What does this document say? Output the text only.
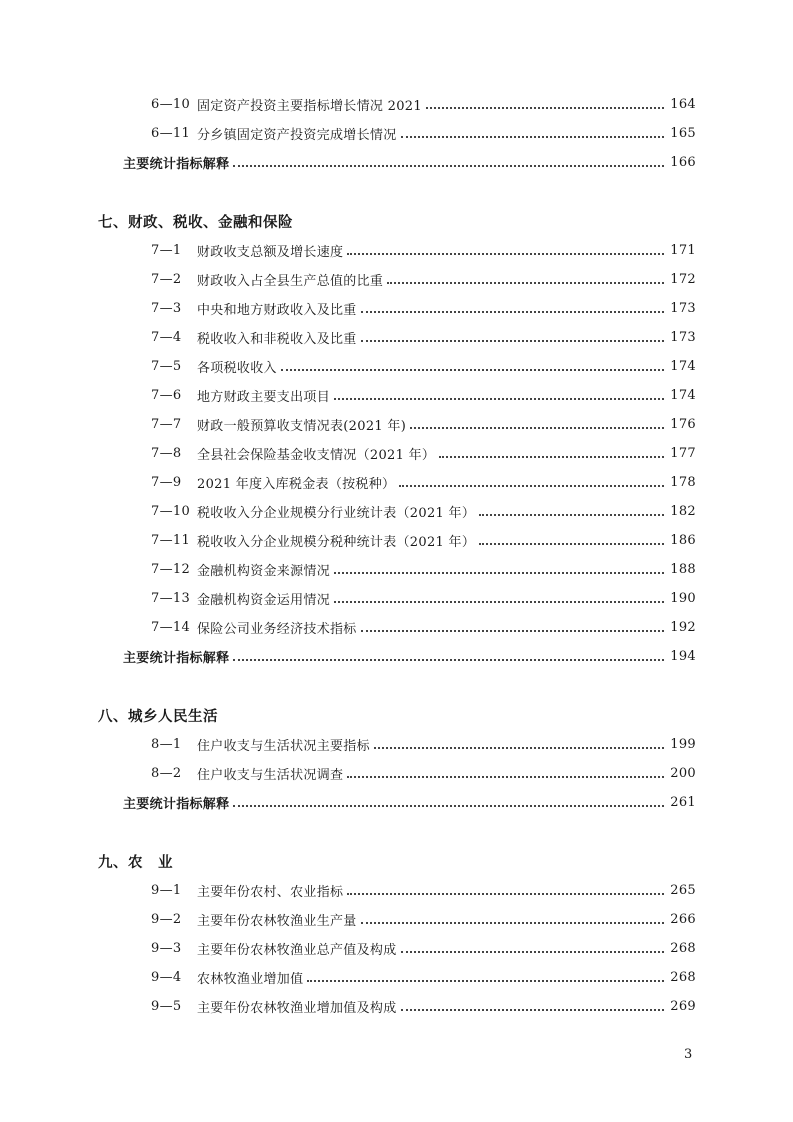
6—10 固定资产投资主要指标增长情况 2021	164
6—11 分乡镇固定资产投资完成增长情况	165
主要统计指标解释	166
七、财政、税收、金融和保险
7—1	财政收支总额及增长速度	171
7—2	财政收入占全县生产总值的比重	172
7—3	中央和地方财政收入及比重	173
7—4	税收收入和非税收入及比重	173
7—5	各项税收收入	174
7—6	地方财政主要支出项目	174
7—7	财政一般预算收支情况表(2021 年)	176
7—8	全县社会保险基金收支情况（2021 年）	177
7—9	2021 年度入库税金表（按税种）	178
7—10 税收收入分企业规模分行业统计表（2021 年）	182
7—11 税收收入分企业规模分税种统计表（2021 年）	186
7—12 金融机构资金来源情况	188
7—13 金融机构资金运用情况	190
7—14 保险公司业务经济技术指标	192
主要统计指标解释	194
八、城乡人民生活
8—1	住户收支与生活状况主要指标	199
8—2	住户收支与生活状况调查	200
主要统计指标解释	261
九、农　业
9—1	主要年份农村、农业指标	265
9—2	主要年份农林牧渔业生产量	266
9—3	主要年份农林牧渔业总产值及构成	268
9—4	农林牧渔业增加值	268
9—5	主要年份农林牧渔业增加值及构成	269
3
